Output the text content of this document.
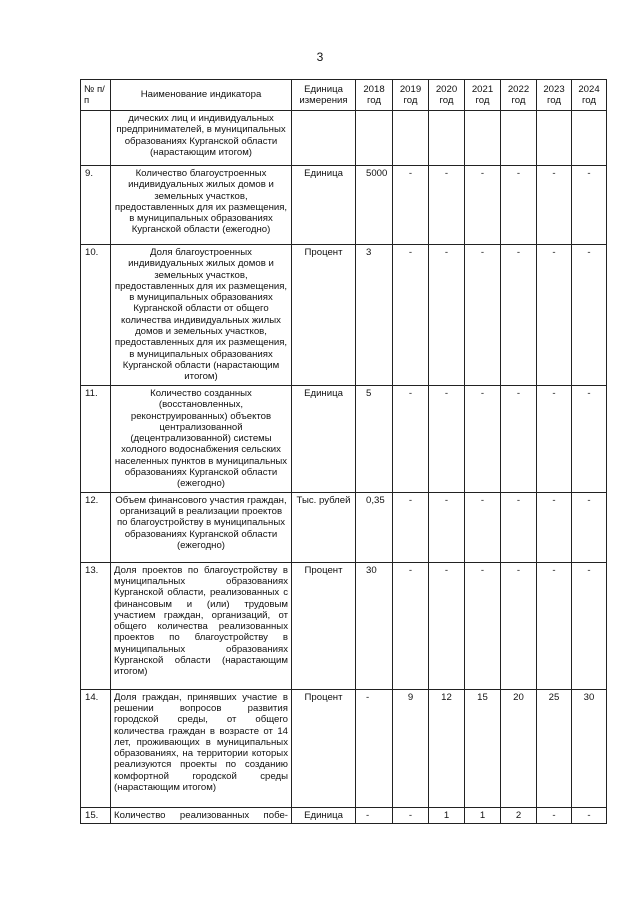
3
№ п/п	Наименование индикатора	Единица измерения	2018 год	2019 год	2020 год	2021 год	2022 год	2023 год	2024 год
	дических лиц и индивидуальных предпринимателей, в муниципальных образованиях Курганской области (нарастающим итогом)								
9.	Количество благоустроенных индивидуальных жилых домов и земельных участков, предоставленных для их размещения, в муниципальных образованиях Курганской области (ежегодно)	Единица	5000	-	-	-	-	-	-
10.	Доля благоустроенных индивидуальных жилых домов и земельных участков, предоставленных для их размещения, в муниципальных образованиях Курганской области от общего количества индивидуальных жилых домов и земельных участков, предоставленных для их размещения, в муниципальных образованиях Курганской области (нарастающим итогом)	Процент	3	-	-	-	-	-	-
11.	Количество созданных (восстановленных, реконструированных) объектов централизованной (децентрализованной) системы холодного водоснабжения сельских населенных пунктов в муниципальных образованиях Курганской области (ежегодно)	Единица	5	-	-	-	-	-	-
12.	Объем финансового участия граждан, организаций в реализации проектов по благоустройству в муниципальных образованиях Курганской области (ежегодно)	Тыс. рублей	0,35	-	-	-	-	-	-
13.	Доля проектов по благоустройству в муниципальных образованиях Курганской области, реализованных с финансовым и (или) трудовым участием граждан, организаций, от общего количества реализованных проектов по благоустройству в муниципальных образованиях Курганской области (нарастающим итогом)	Процент	30	-	-	-	-	-	-
14.	Доля граждан, принявших участие в решении вопросов развития городской среды, от общего количества граждан в возрасте от 14 лет, проживающих в муниципальных образованиях, на территории которых реализуются проекты по созданию комфортной городской среды (нарастающим итогом)	Процент	-	9	12	15	20	25	30
15.	Количество реализованных побе-	Единица	-	-	1	1	2	-	-
